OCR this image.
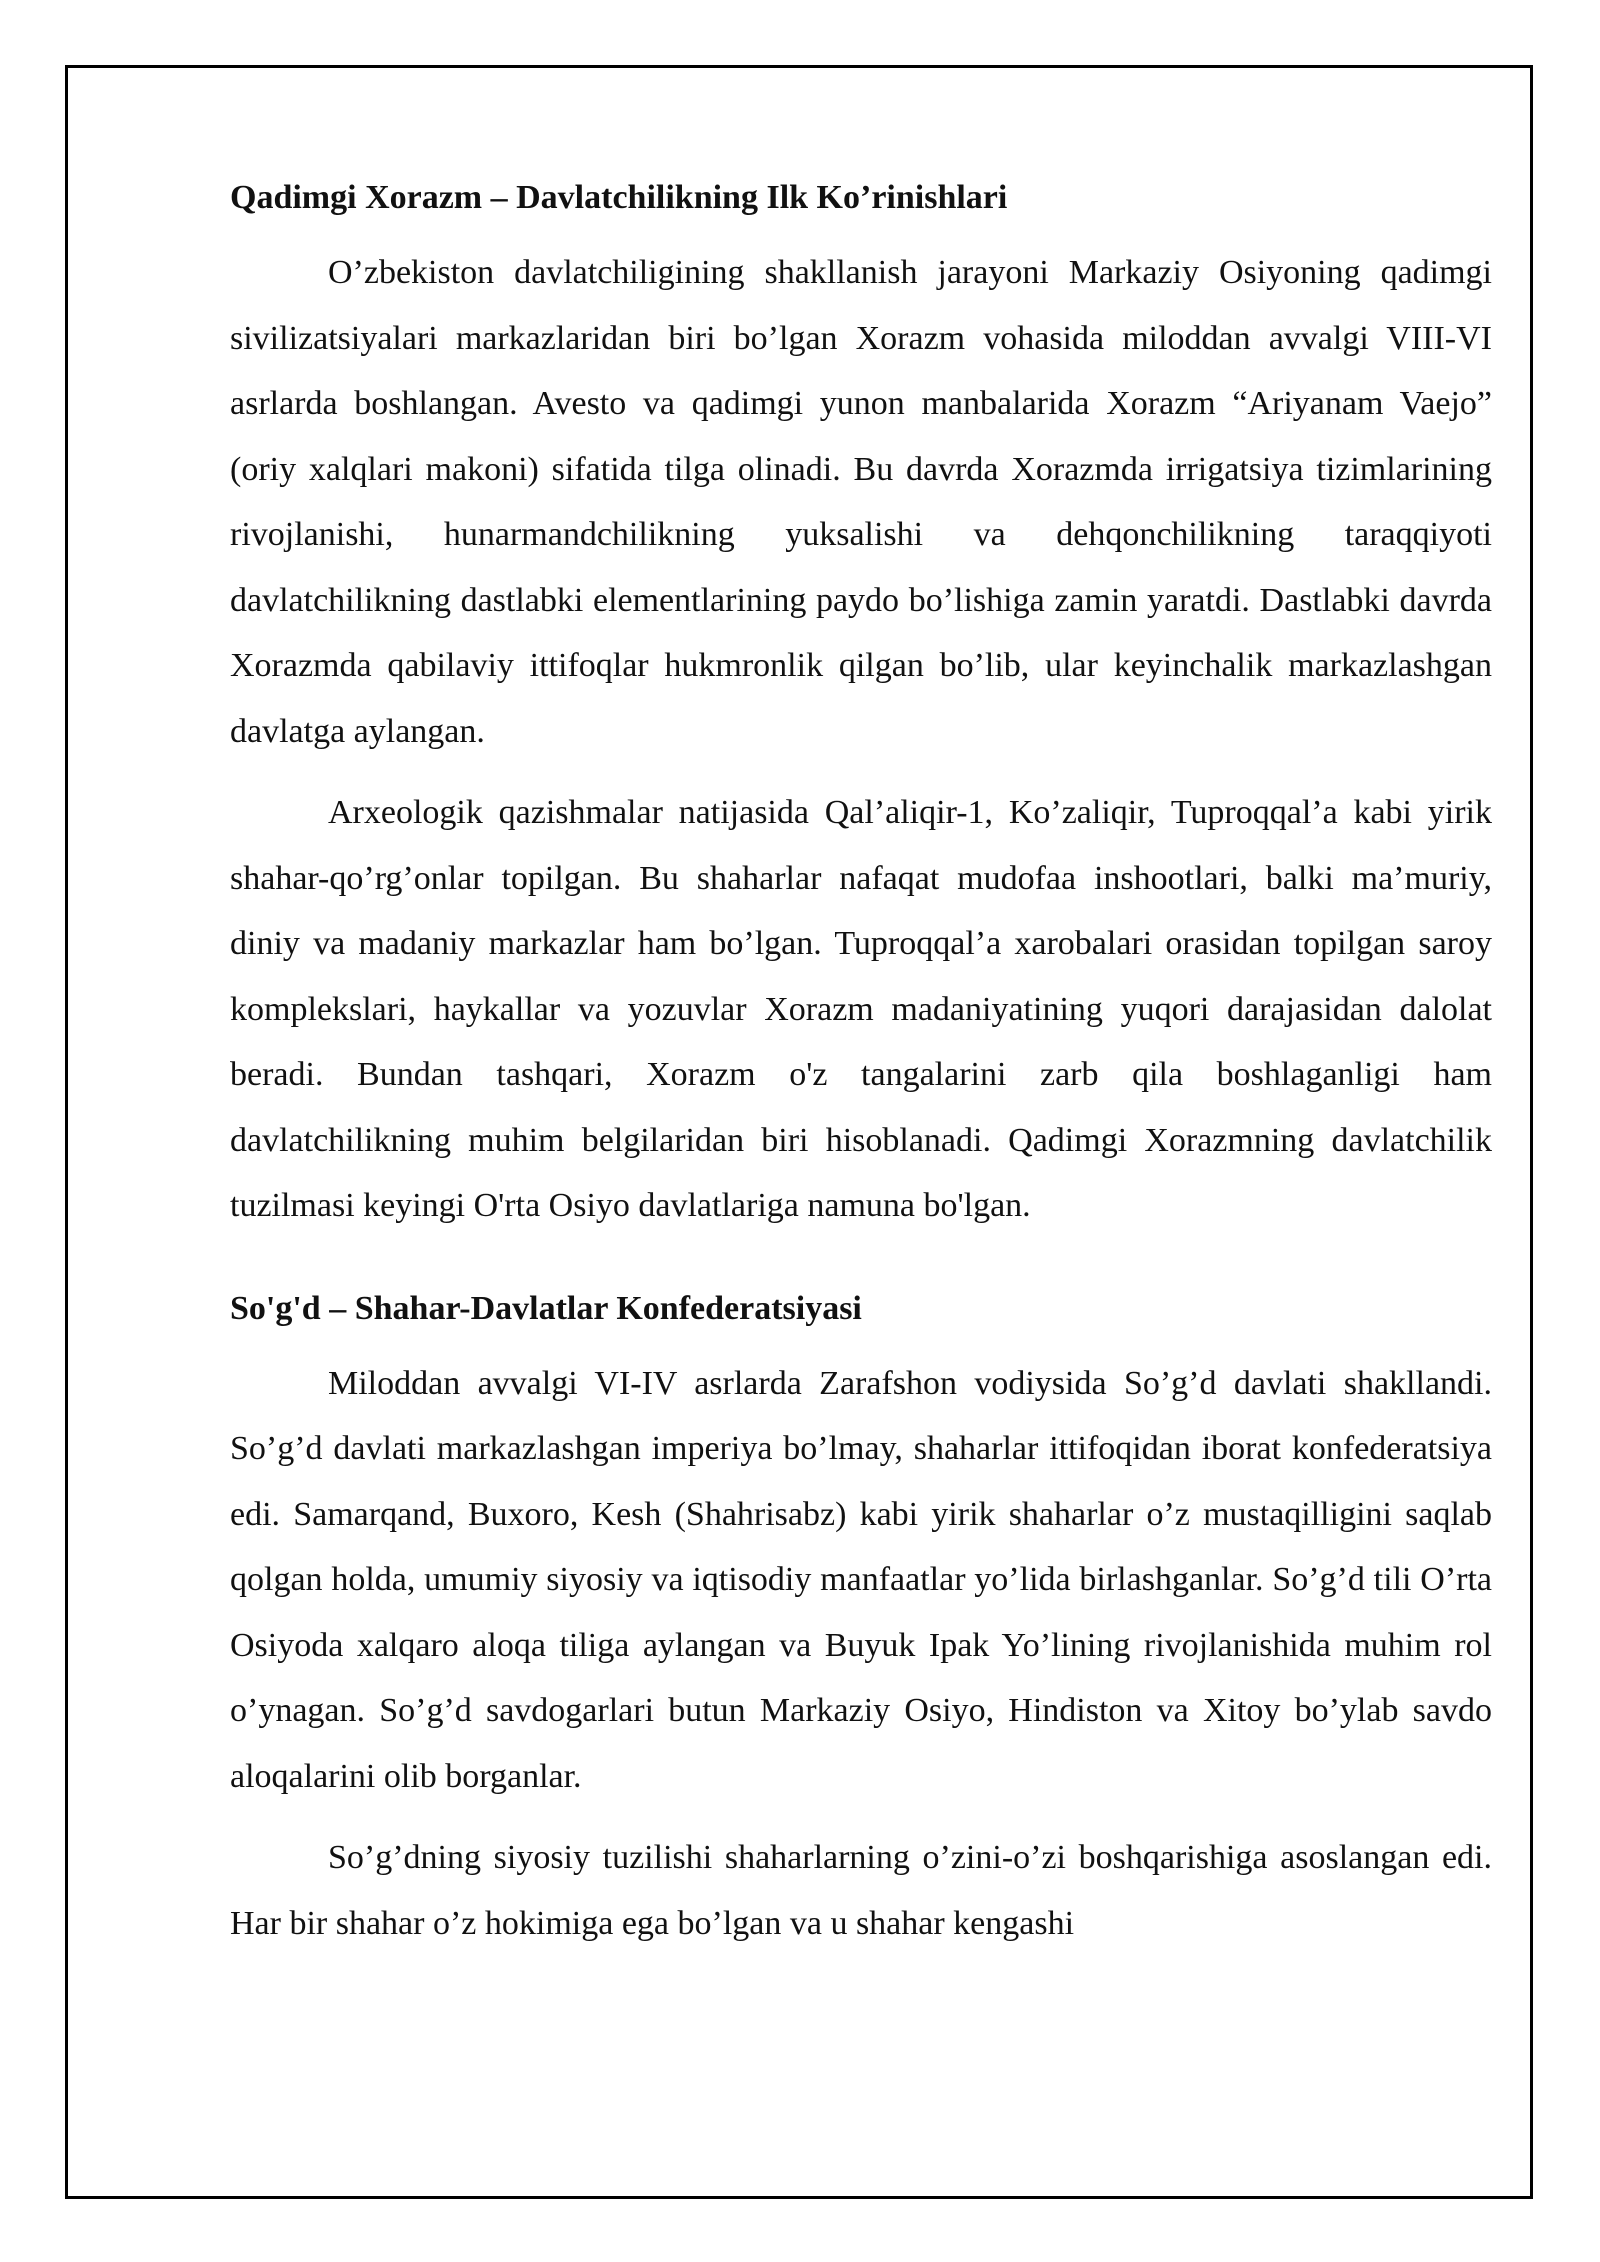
Qadimgi Xorazm – Davlatchilikning Ilk Ko’rinishlari

O’zbekiston davlatchiligining shakllanish jarayoni Markaziy Osiyoning qadimgi sivilizatsiyalari markazlaridan biri bo’lgan Xorazm vohasida miloddan avvalgi VIII-VI asrlarda boshlangan. Avesto va qadimgi yunon manbalarida Xorazm “Ariyanam Vaejo” (oriy xalqlari makoni) sifatida tilga olinadi. Bu davrda Xorazmda irrigatsiya tizimlarining rivojlanishi, hunarmandchilikning yuksalishi va dehqonchilikning taraqqiyoti davlatchilikning dastlabki elementlarining paydo bo’lishiga zamin yaratdi. Dastlabki davrda Xorazmda qabilaviy ittifoqlar hukmronlik qilgan bo’lib, ular keyinchalik markazlashgan davlatga aylangan.

Arxeologik qazishmalar natijasida Qal’aliqir-1, Ko’zaliqir, Tuproqqal’a kabi yirik shahar-qo’rg’onlar topilgan. Bu shaharlar nafaqat mudofaa inshootlari, balki ma’muriy, diniy va madaniy markazlar ham bo’lgan. Tuproqqal’a xarobalari orasidan topilgan saroy komplekslari, haykallar va yozuvlar Xorazm madaniyatining yuqori darajasidan dalolat beradi. Bundan tashqari, Xorazm o'z tangalarini zarb qila boshlaganligi ham davlatchilikning muhim belgilaridan biri hisoblanadi. Qadimgi Xorazmning davlatchilik tuzilmasi keyingi O'rta Osiyo davlatlariga namuna bo'lgan.

So'g'd – Shahar-Davlatlar Konfederatsiyasi

Miloddan avvalgi VI-IV asrlarda Zarafshon vodiysida So’g’d davlati shakllandi. So’g’d davlati markazlashgan imperiya bo’lmay, shaharlar ittifoqidan iborat konfederatsiya edi. Samarqand, Buxoro, Kesh (Shahrisabz) kabi yirik shaharlar o’z mustaqilligini saqlab qolgan holda, umumiy siyosiy va iqtisodiy manfaatlar yo’lida birlashganlar. So’g’d tili O’rta Osiyoda xalqaro aloqa tiliga aylangan va Buyuk Ipak Yo’lining rivojlanishida muhim rol o’ynagan. So’g’d savdogarlari butun Markaziy Osiyo, Hindiston va Xitoy bo’ylab savdo aloqalarini olib borganlar.

So’g’dning siyosiy tuzilishi shaharlarning o’zini-o’zi boshqarishiga asoslangan edi. Har bir shahar o’z hokimiga ega bo’lgan va u shahar kengashi
